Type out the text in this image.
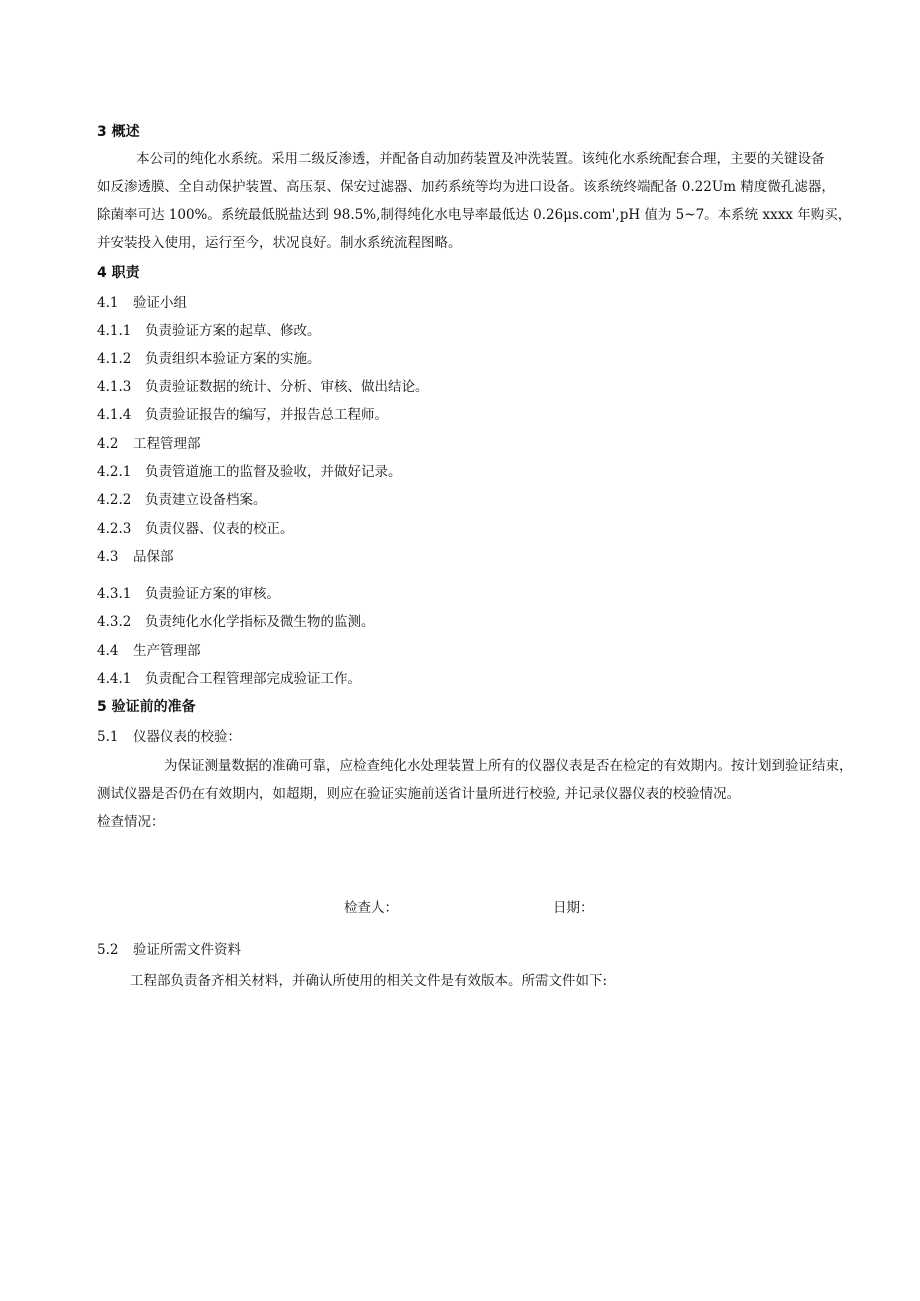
3 概述
本公司的纯化水系统。采用二级反渗透，并配备自动加药装置及冲洗装置。该纯化水系统配套合理，主要的关键设备
如反渗透膜、全自动保护装置、高压泵、保安过滤器、加药系统等均为进口设备。该系统终端配备 0.22Um 精度微孔滤器，
除菌率可达 100%。系统最低脱盐达到 98.5%,制得纯化水电导率最低达 0.26μs.com',pH 值为 5~7。本系统 xxxx 年购买，
并安装投入使用，运行至今，状况良好。制水系统流程图略。
4 职责
4.1 验证小组
4.1.1 负责验证方案的起草、修改。
4.1.2 负责组织本验证方案的实施。
4.1.3 负责验证数据的统计、分析、审核、做出结论。
4.1.4 负责验证报告的编写，并报告总工程师。
4.2 工程管理部
4.2.1 负责管道施工的监督及验收，并做好记录。
4.2.2 负责建立设备档案。
4.2.3 负责仪器、仪表的校正。
4.3 品保部
4.3.1 负责验证方案的审核。
4.3.2 负责纯化水化学指标及微生物的监测。
4.4 生产管理部
4.4.1 负责配合工程管理部完成验证工作。
5 验证前的准备
5.1 仪器仪表的校验：
为保证测量数据的准确可靠，应检查纯化水处理装置上所有的仪器仪表是否在检定的有效期内。按计划到验证结束，
测试仪器是否仍在有效期内，如超期，则应在验证实施前送省计量所进行校验, 并记录仪器仪表的校验情况。
检查情况：
检查人：	日期：
5.2 验证所需文件资料
工程部负责备齐相关材料，并确认所使用的相关文件是有效版本。所需文件如下:
